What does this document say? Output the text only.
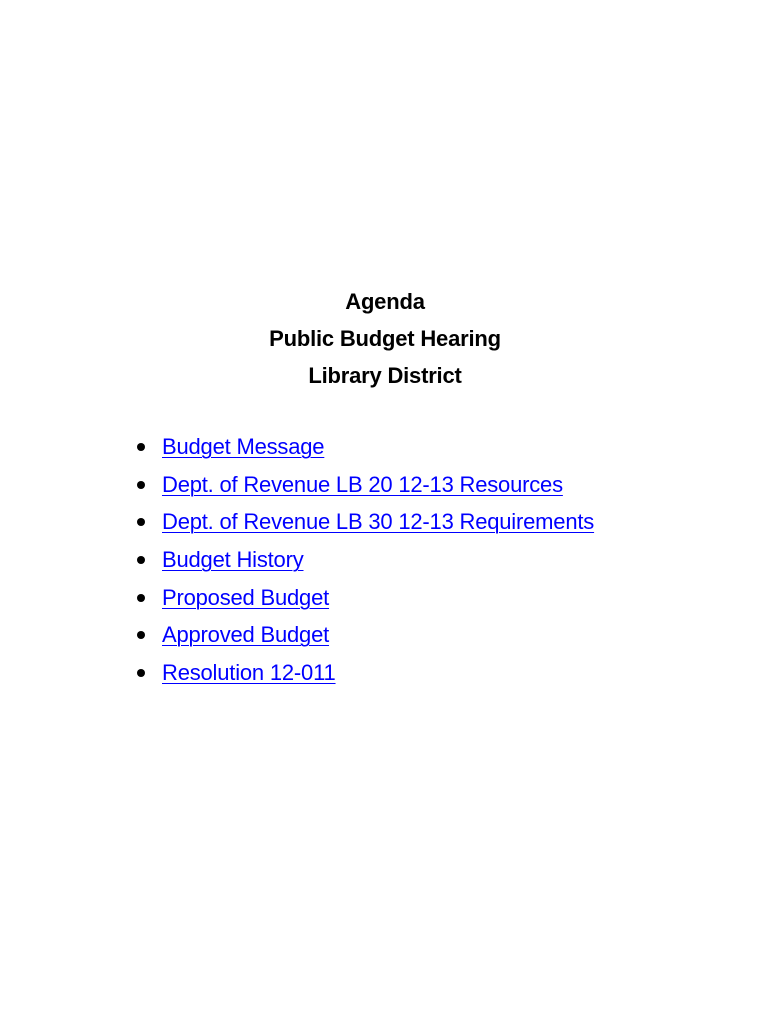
Agenda
Public Budget Hearing
Library District
Budget Message
Dept. of Revenue LB 20 12-13 Resources
Dept. of Revenue LB 30 12-13 Requirements
Budget History
Proposed Budget
Approved Budget
Resolution 12-011
